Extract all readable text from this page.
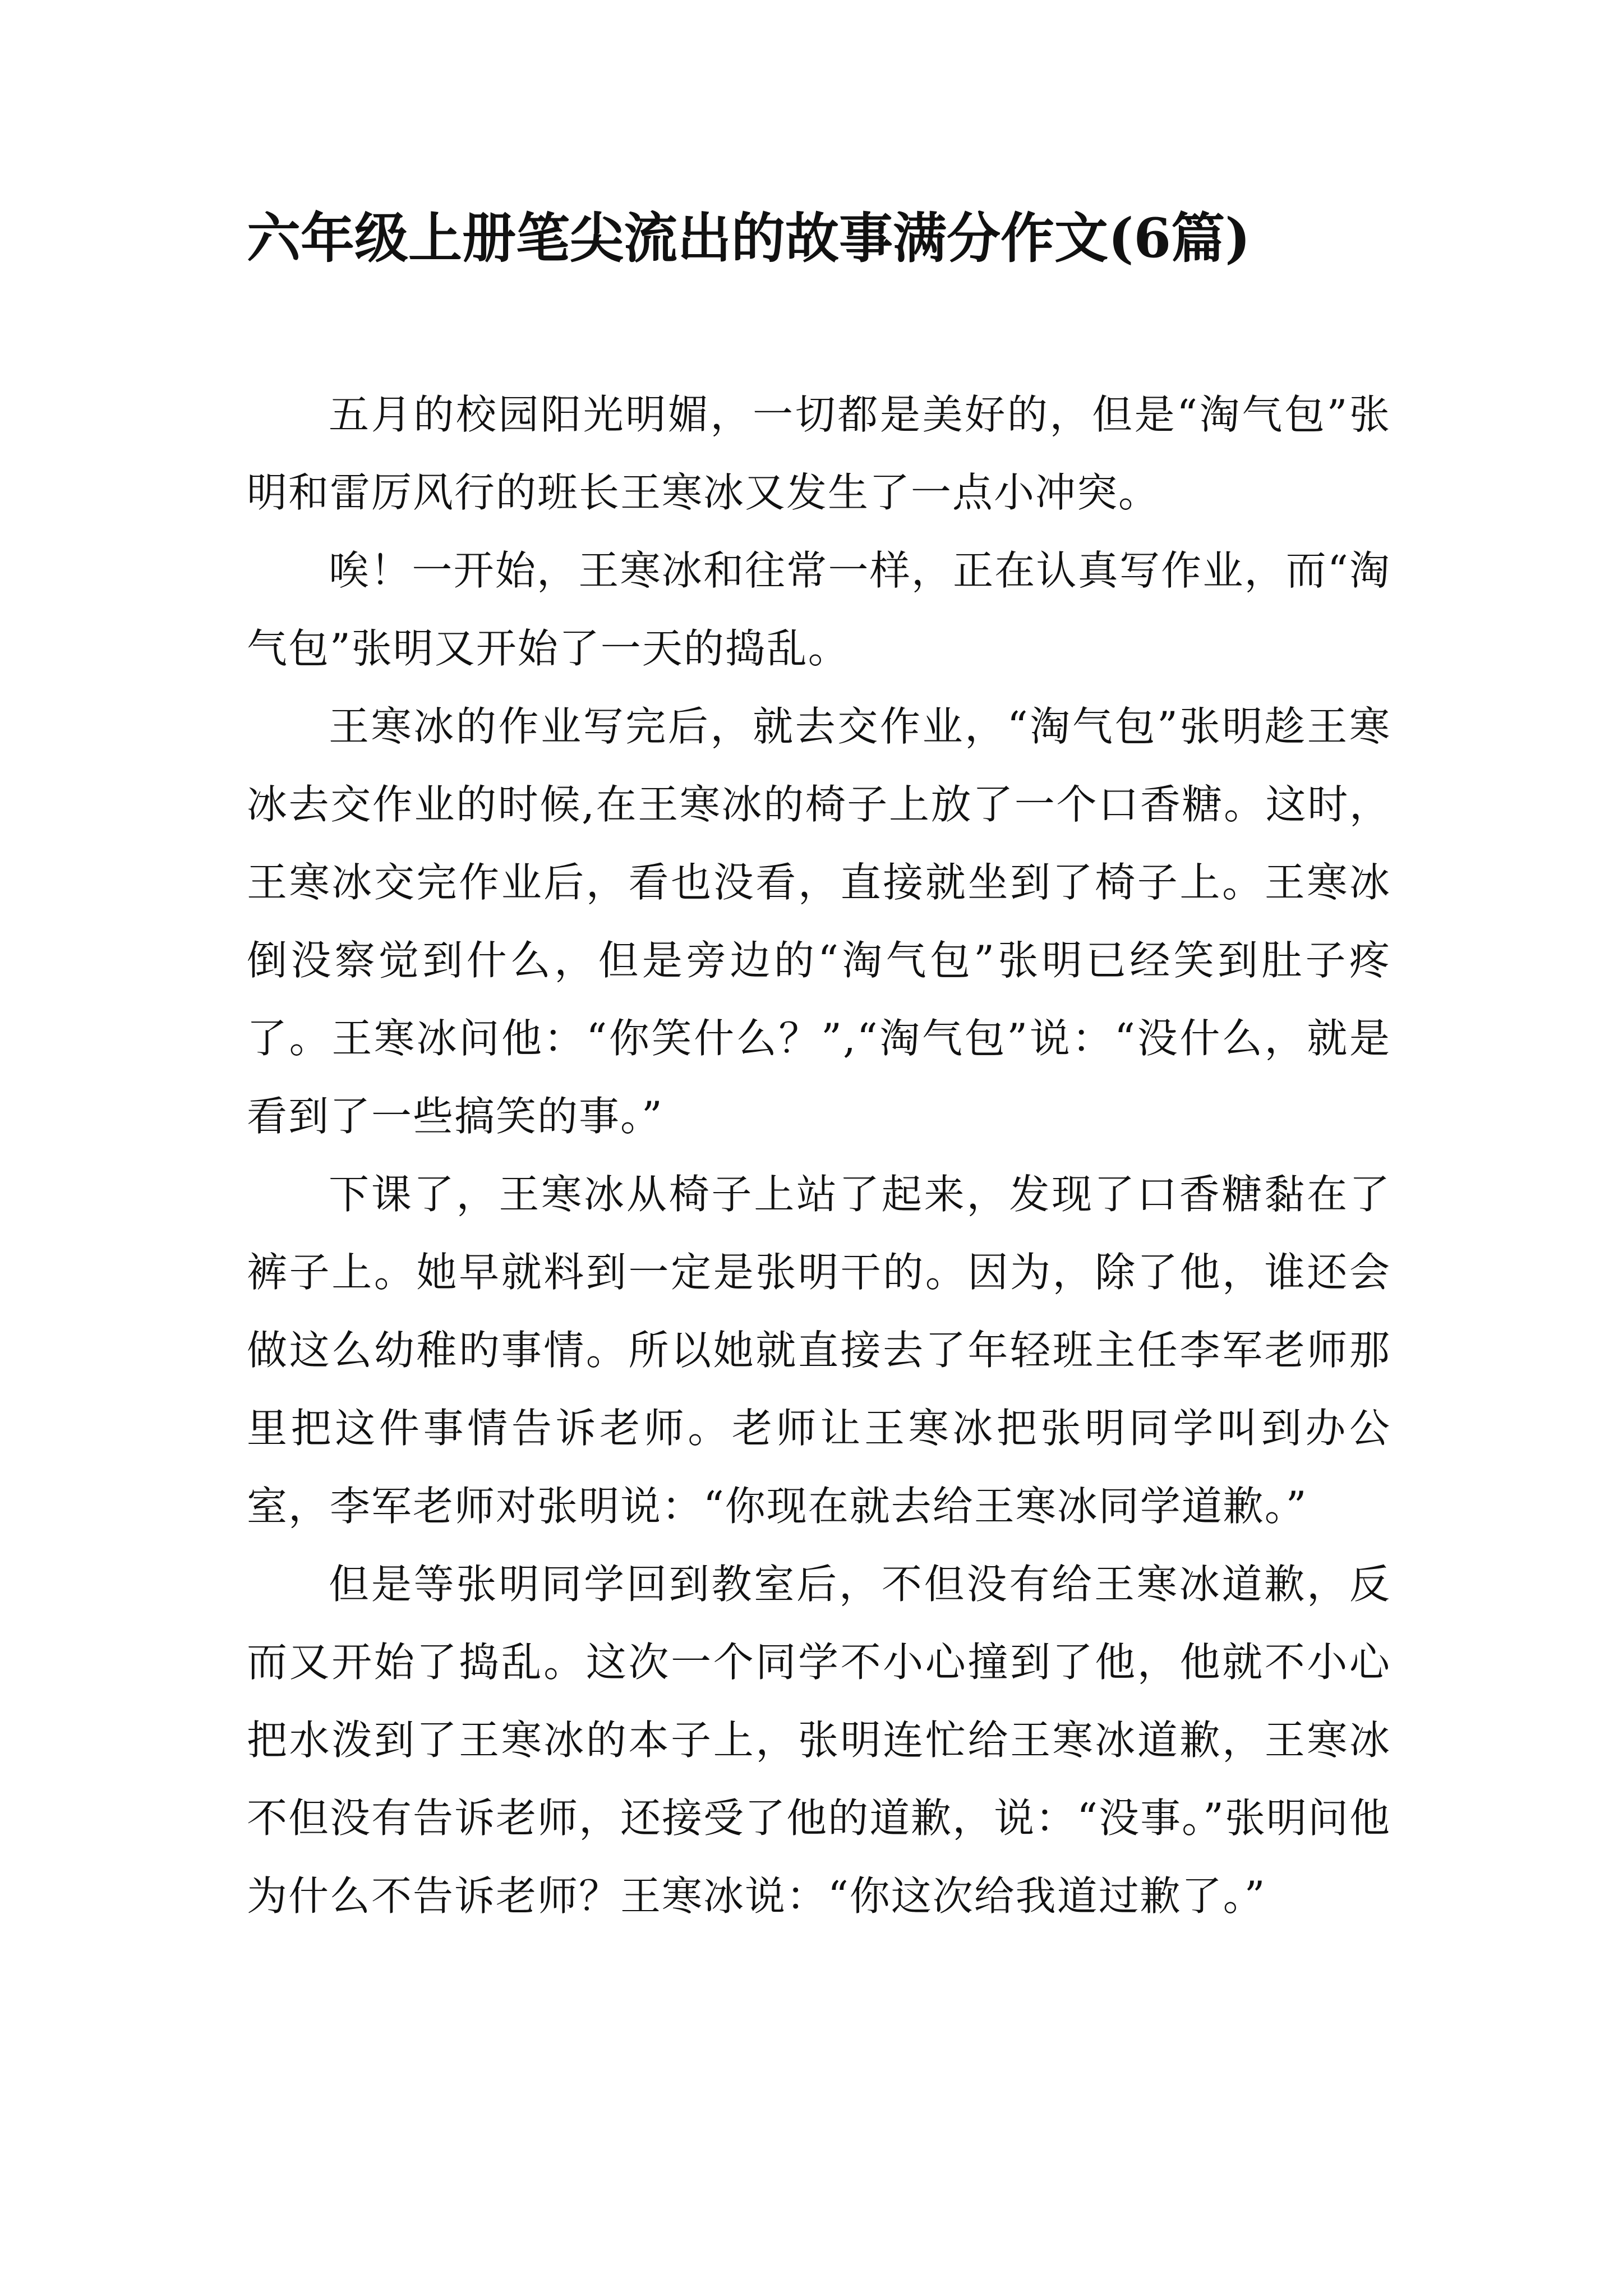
六年级上册笔尖流出的故事满分作文(6篇)

五月的校园阳光明媚，一切都是美好的，但是“淘气包”张明和雷厉风行的班长王寒冰又发生了一点小冲突。

唉！一开始，王寒冰和往常一样，正在认真写作业，而“淘气包”张明又开始了一天的捣乱。

王寒冰的作业写完后，就去交作业，“淘气包”张明趁王寒冰去交作业的时候,在王寒冰的椅子上放了一个口香糖。这时，王寒冰交完作业后，看也没看，直接就坐到了椅子上。王寒冰倒没察觉到什么，但是旁边的“淘气包”张明已经笑到肚子疼了。王寒冰问他：“你笑什么？”,“淘气包”说：“没什么，就是看到了一些搞笑的事。”

下课了，王寒冰从椅子上站了起来，发现了口香糖黏在了裤子上。她早就料到一定是张明干的。因为，除了他，谁还会做这么幼稚旳事情。所以她就直接去了年轻班主任李军老师那里把这件事情告诉老师。老师让王寒冰把张明同学叫到办公室，李军老师对张明说：“你现在就去给王寒冰同学道歉。”

但是等张明同学回到教室后，不但没有给王寒冰道歉，反而又开始了捣乱。这次一个同学不小心撞到了他，他就不小心把水泼到了王寒冰的本子上，张明连忙给王寒冰道歉，王寒冰不但没有告诉老师，还接受了他的道歉，说：“没事。”张明问他为什么不告诉老师？王寒冰说：“你这次给我道过歉了。”
